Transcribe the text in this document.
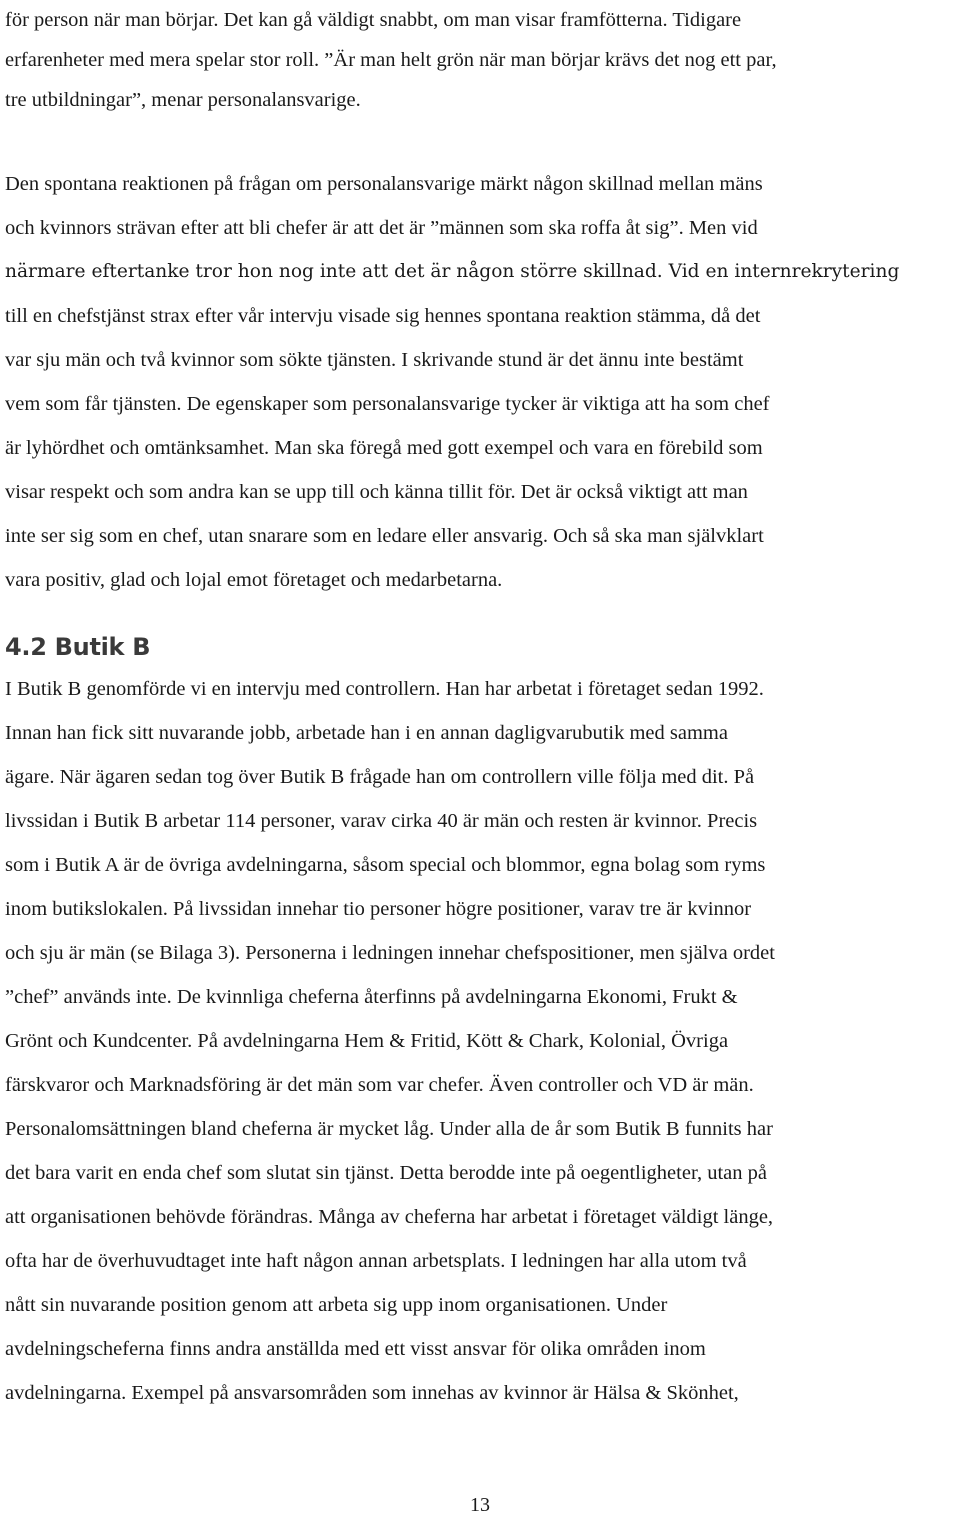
för person när man börjar. Det kan gå väldigt snabbt, om man visar framfötterna. Tidigare
erfarenheter med mera spelar stor roll. ”Är man helt grön när man börjar krävs det nog ett par,
tre utbildningar”, menar personalansvarige.
Den spontana reaktionen på frågan om personalansvarige märkt någon skillnad mellan mäns
och kvinnors strävan efter att bli chefer är att det är ”männen som ska roffa åt sig”. Men vid
närmare eftertanke tror hon nog inte att det är någon större skillnad. Vid en internrekrytering
till en chefstjänst strax efter vår intervju visade sig hennes spontana reaktion stämma, då det
var sju män och två kvinnor som sökte tjänsten. I skrivande stund är det ännu inte bestämt
vem som får tjänsten. De egenskaper som personalansvarige tycker är viktiga att ha som chef
är lyhördhet och omtänksamhet. Man ska föregå med gott exempel och vara en förebild som
visar respekt och som andra kan se upp till och känna tillit för. Det är också viktigt att man
inte ser sig som en chef, utan snarare som en ledare eller ansvarig. Och så ska man självklart
vara positiv, glad och lojal emot företaget och medarbetarna.
4.2 Butik B
I Butik B genomförde vi en intervju med controllern. Han har arbetat i företaget sedan 1992.
Innan han fick sitt nuvarande jobb, arbetade han i en annan dagligvarubutik med samma
ägare. När ägaren sedan tog över Butik B frågade han om controllern ville följa med dit. På
livssidan i Butik B arbetar 114 personer, varav cirka 40 är män och resten är kvinnor. Precis
som i Butik A är de övriga avdelningarna, såsom special och blommor, egna bolag som ryms
inom butikslokalen. På livssidan innehar tio personer högre positioner, varav tre är kvinnor
och sju är män (se Bilaga 3). Personerna i ledningen innehar chefspositioner, men själva ordet
”chef” används inte. De kvinnliga cheferna återfinns på avdelningarna Ekonomi, Frukt &
Grönt och Kundcenter. På avdelningarna Hem & Fritid, Kött & Chark, Kolonial, Övriga
färskvaror och Marknadsföring är det män som var chefer. Även controller och VD är män.
Personalomsättningen bland cheferna är mycket låg. Under alla de år som Butik B funnits har
det bara varit en enda chef som slutat sin tjänst. Detta berodde inte på oegentligheter, utan på
att organisationen behövde förändras. Många av cheferna har arbetat i företaget väldigt länge,
ofta har de överhuvudtaget inte haft någon annan arbetsplats. I ledningen har alla utom två
nått sin nuvarande position genom att arbeta sig upp inom organisationen. Under
avdelningscheferna finns andra anställda med ett visst ansvar för olika områden inom
avdelningarna. Exempel på ansvarsområden som innehas av kvinnor är Hälsa & Skönhet,
13
